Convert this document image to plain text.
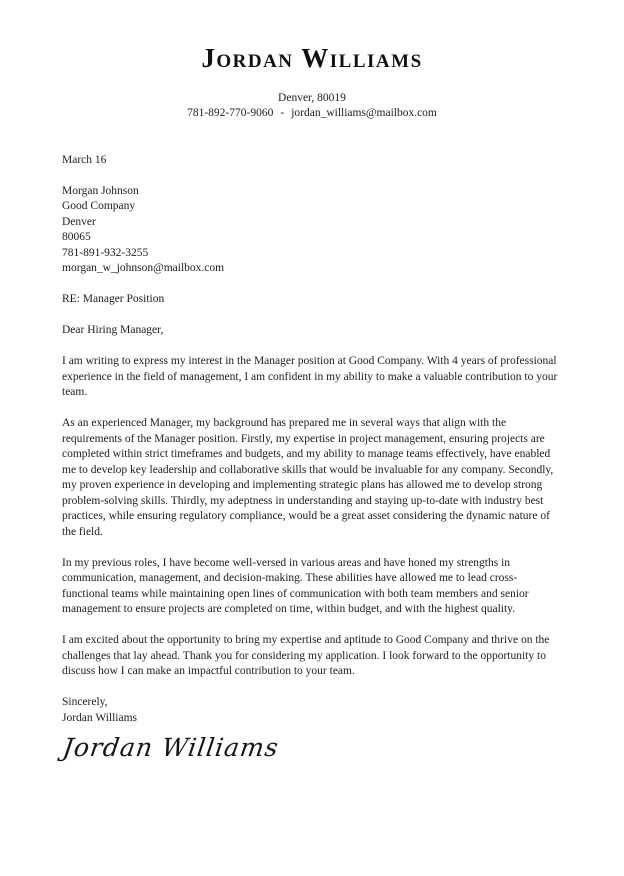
Jordan Williams
Denver, 80019
781-892-770-9060 - jordan_williams@mailbox.com

March 16

Morgan Johnson
Good Company
Denver
80065
781-891-932-3255
morgan_w_johnson@mailbox.com

RE: Manager Position

Dear Hiring Manager,

I am writing to express my interest in the Manager position at Good Company. With 4 years of professional experience in the field of management, I am confident in my ability to make a valuable contribution to your team.

As an experienced Manager, my background has prepared me in several ways that align with the requirements of the Manager position. Firstly, my expertise in project management, ensuring projects are completed within strict timeframes and budgets, and my ability to manage teams effectively, have enabled me to develop key leadership and collaborative skills that would be invaluable for any company. Secondly, my proven experience in developing and implementing strategic plans has allowed me to develop strong problem-solving skills. Thirdly, my adeptness in understanding and staying up-to-date with industry best practices, while ensuring regulatory compliance, would be a great asset considering the dynamic nature of the field.

In my previous roles, I have become well-versed in various areas and have honed my strengths in communication, management, and decision-making. These abilities have allowed me to lead cross-functional teams while maintaining open lines of communication with both team members and senior management to ensure projects are completed on time, within budget, and with the highest quality.

I am excited about the opportunity to bring my expertise and aptitude to Good Company and thrive on the challenges that lay ahead. Thank you for considering my application. I look forward to the opportunity to discuss how I can make an impactful contribution to your team.

Sincerely,
Jordan Williams
Jordan Williams
